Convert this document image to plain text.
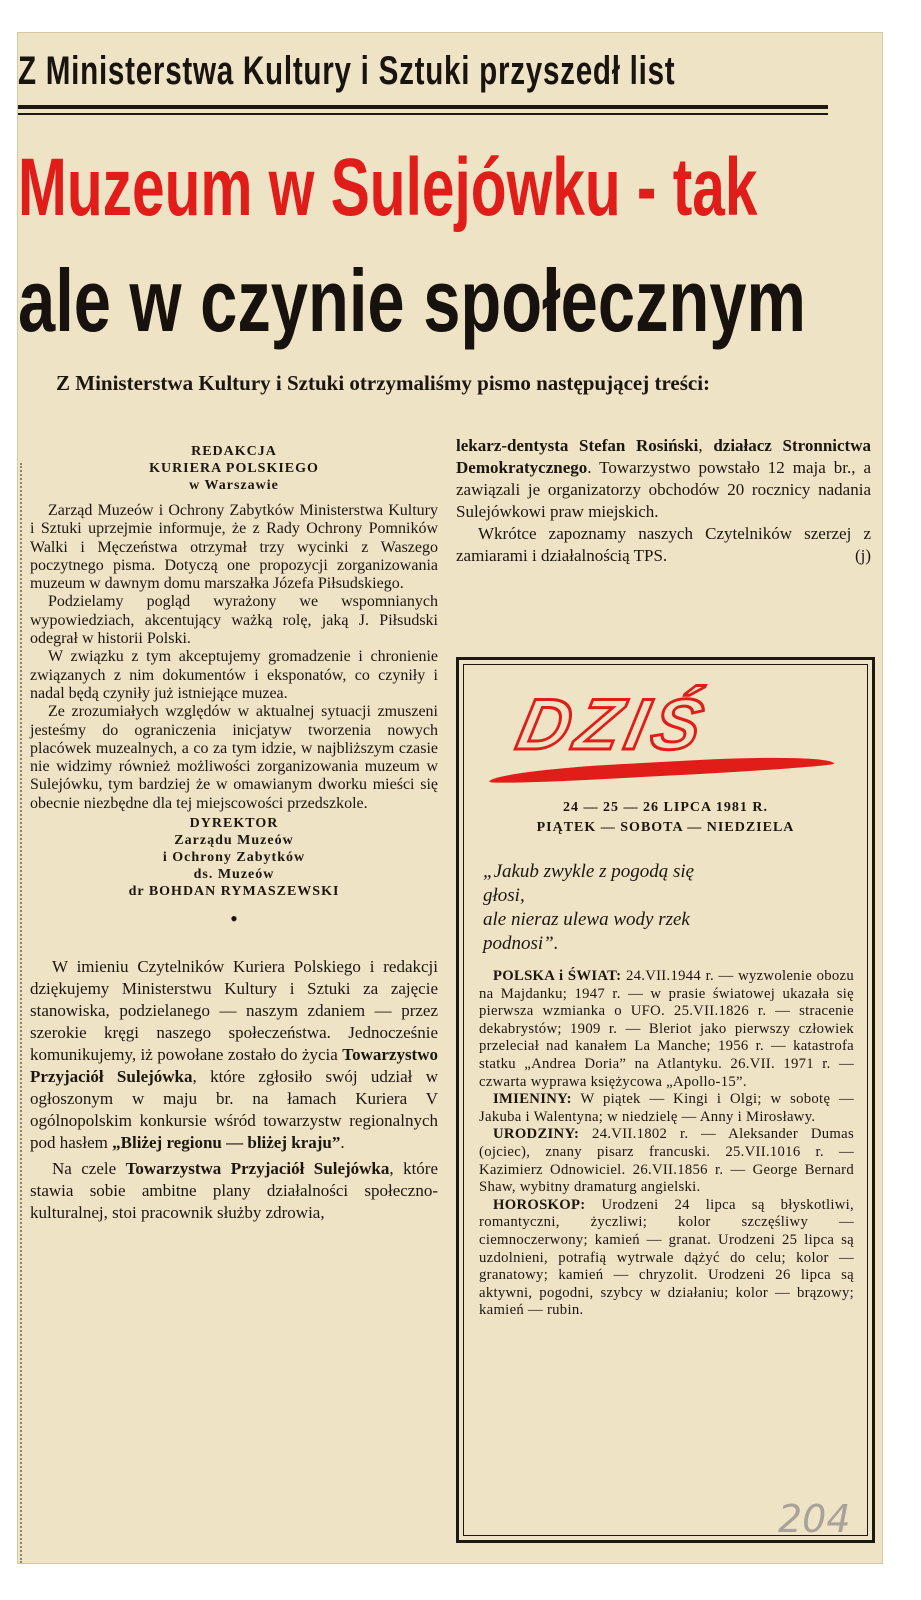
Z Ministerstwa Kultury i Sztuki przyszedł list
Muzeum w Sulejówku - tak
ale w czynie społecznym
Z Ministerstwa Kultury i Sztuki otrzymaliśmy pismo następującej treści:
REDAKCJA
KURIERA POLSKIEGO
w Warszawie

Zarząd Muzeów i Ochrony Zabytków Ministerstwa Kultury i Sztuki uprzejmie informuje, że z Rady Ochrony Pomników Walki i Męczeństwa otrzymał trzy wycinki z Waszego poczytnego pisma. Dotyczą one propozycji zorganizowania muzeum w dawnym domu marszałka Józefa Piłsudskiego.

Podzielamy pogląd wyrażony we wspomnianych wypowiedziach, akcentujący ważką rolę, jaką J. Piłsudski odegrał w historii Polski.

W związku z tym akceptujemy gromadzenie i chronienie związanych z nim dokumentów i eksponatów, co czyniły i nadal będą czyniły już istniejące muzea.

Ze zrozumiałych względów w aktualnej sytuacji zmuszeni jesteśmy do ograniczenia inicjatyw tworzenia nowych placówek muzealnych, a co za tym idzie, w najbliższym czasie nie widzimy również możliwości zorganizowania muzeum w Sulejówku, tym bardziej że w omawianym dworku mieści się obecnie niezbędne dla tej miejscowości przedszkole.

DYREKTOR
Zarządu Muzeów
i Ochrony Zabytków
ds. Muzeów
dr BOHDAN RYMASZEWSKI
•

W imieniu Czytelników Kuriera Polskiego i redakcji dziękujemy Ministerstwu Kultury i Sztuki za zajęcie stanowiska, podzielanego — naszym zdaniem — przez szerokie kręgi naszego społeczeństwa. Jednocześnie komunikujemy, iż powołane zostało do życia Towarzystwo Przyjaciół Sulejówka, które zgłosiło swój udział w ogłoszonym w maju br. na łamach Kuriera V ogólnopolskim konkursie wśród towarzystw regionalnych pod hasłem „Bliżej regionu — bliżej kraju”.

Na czele Towarzystwa Przyjaciół Sulejówka, które stawia sobie ambitne plany działalności społeczno-kulturalnej, stoi pracownik służby zdrowia,

lekarz-dentysta Stefan Rosiński, działacz Stronnictwa Demokratycznego. Towarzystwo powstało 12 maja br., a zawiązali je organizatorzy obchodów 20 rocznicy nadania Sulejówkowi praw miejskich.

Wkrótce zapoznamy naszych Czytelników szerzej z zamiarami i działalnością TPS.	(j)

DZIŚ
24 — 25 — 26 LIPCA 1981 R.
PIĄTEK — SOBOTA — NIEDZIELA
„Jakub zwykle z pogodą się
głosi,
ale nieraz ulewa wody rzek
podnosi”.

POLSKA i ŚWIAT: 24.VII.1944 r. — wyzwolenie obozu na Majdanku; 1947 r. — w prasie światowej ukazała się pierwsza wzmianka o UFO. 25.VII.1826 r. — stracenie dekabrystów; 1909 r. — Bleriot jako pierwszy człowiek przeleciał nad kanałem La Manche; 1956 r. — katastrofa statku „Andrea Doria” na Atlantyku. 26.VII. 1971 r. — czwarta wyprawa księżycowa „Apollo-15”.

IMIENINY: W piątek — Kingi i Olgi; w sobotę — Jakuba i Walentyna; w niedzielę — Anny i Mirosławy.

URODZINY: 24.VII.1802 r. — Aleksander Dumas (ojciec), znany pisarz francuski. 25.VII.1016 r. — Kazimierz Odnowiciel. 26.VII.1856 r. — George Bernard Shaw, wybitny dramaturg angielski.

HOROSKOP: Urodzeni 24 lipca są błyskotliwi, romantyczni, życzliwi; kolor szczęśliwy — ciemnoczerwony; kamień — granat. Urodzeni 25 lipca są uzdolnieni, potrafią wytrwale dążyć do celu; kolor — granatowy; kamień — chryzolit. Urodzeni 26 lipca są aktywni, pogodni, szybcy w działaniu; kolor — brązowy; kamień — rubin.

204
